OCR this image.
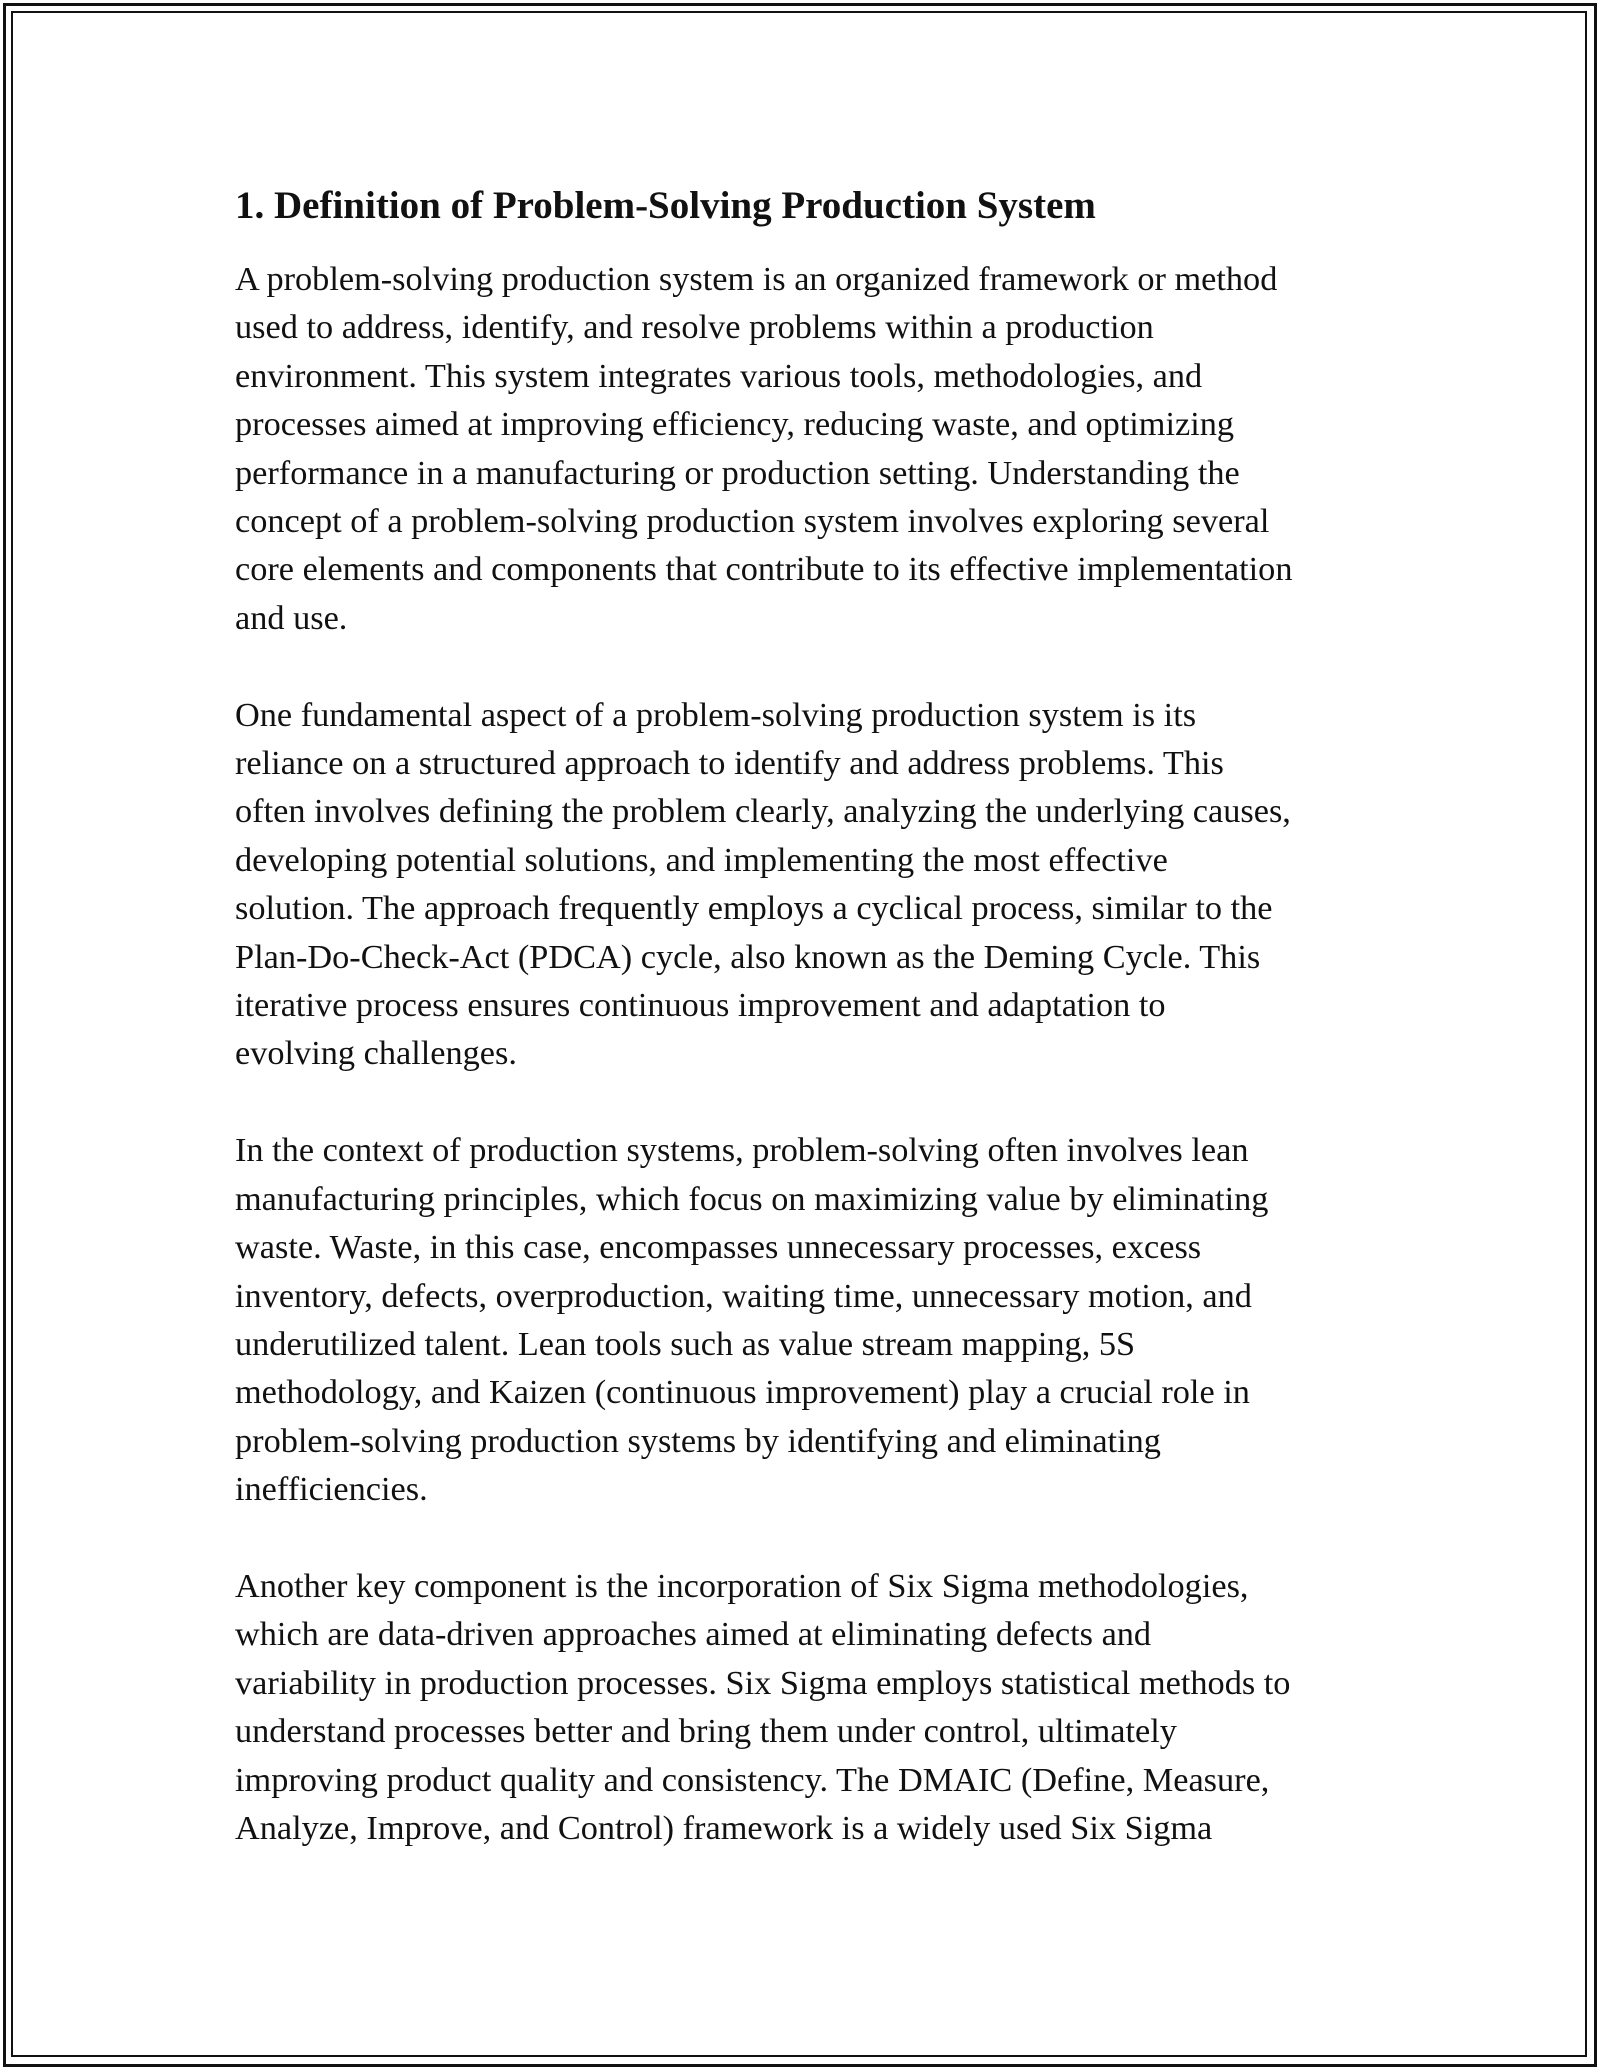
1. Definition of Problem-Solving Production System
A problem-solving production system is an organized framework or method
used to address, identify, and resolve problems within a production
environment. This system integrates various tools, methodologies, and
processes aimed at improving efficiency, reducing waste, and optimizing
performance in a manufacturing or production setting. Understanding the
concept of a problem-solving production system involves exploring several
core elements and components that contribute to its effective implementation
and use.
One fundamental aspect of a problem-solving production system is its
reliance on a structured approach to identify and address problems. This
often involves defining the problem clearly, analyzing the underlying causes,
developing potential solutions, and implementing the most effective
solution. The approach frequently employs a cyclical process, similar to the
Plan-Do-Check-Act (PDCA) cycle, also known as the Deming Cycle. This
iterative process ensures continuous improvement and adaptation to
evolving challenges.
In the context of production systems, problem-solving often involves lean
manufacturing principles, which focus on maximizing value by eliminating
waste. Waste, in this case, encompasses unnecessary processes, excess
inventory, defects, overproduction, waiting time, unnecessary motion, and
underutilized talent. Lean tools such as value stream mapping, 5S
methodology, and Kaizen (continuous improvement) play a crucial role in
problem-solving production systems by identifying and eliminating
inefficiencies.
Another key component is the incorporation of Six Sigma methodologies,
which are data-driven approaches aimed at eliminating defects and
variability in production processes. Six Sigma employs statistical methods to
understand processes better and bring them under control, ultimately
improving product quality and consistency. The DMAIC (Define, Measure,
Analyze, Improve, and Control) framework is a widely used Six Sigma
